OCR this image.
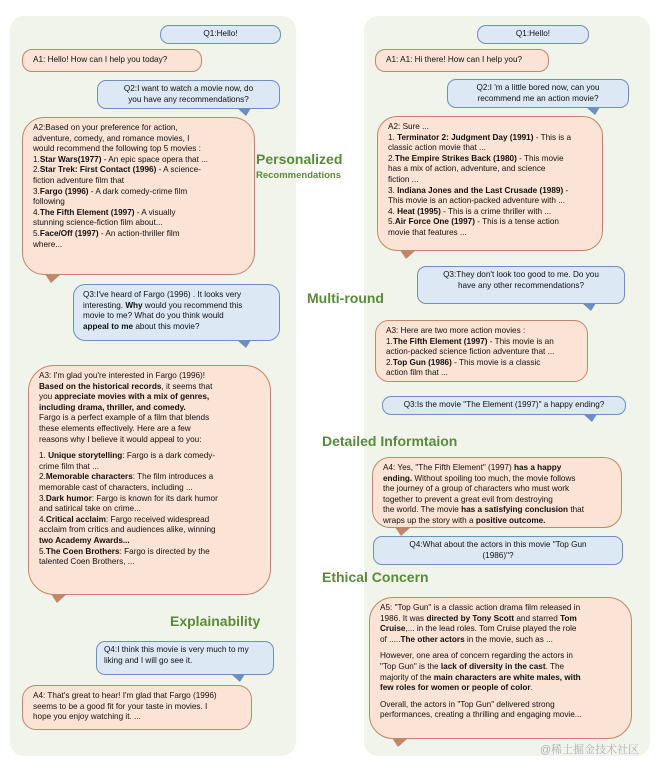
Q1:Hello!
A1: Hello! How can I help you today?
Q2:I want to watch a movie now, do
you have any recommendations?
A2:Based on your preference for action,
adventure, comedy, and romance movies, I
would recommend the following top 5 movies :
1.Star Wars(1977) - An epic space opera that ...
2.Star Trek: First Contact (1996) - A science-
fiction adventure film that
3.Fargo (1996) - A dark comedy-crime film
following
4.The Fifth Element (1997) - A visually
stunning science-fiction film about...
5.Face/Off (1997) - An action-thriller film
where...
Q3:I've heard of Fargo (1996) . It looks very
interesting. Why would you recommend this
movie to me? What do you think would
appeal to me about this movie?
A3: I'm glad you're interested in Fargo (1996)!
Based on the historical records, it seems that
you appreciate movies with a mix of genres,
including drama, thriller, and comedy.
Fargo is a perfect example of a film that blends
these elements effectively. Here are a few
reasons why I believe it would appeal to you:
1. Unique storytelling: Fargo is a dark comedy-
crime film that ...
2.Memorable characters: The film introduces a
memorable cast of characters, including ...
3.Dark humor: Fargo is known for its dark humor
and satirical take on crime...
4.Critical acclaim: Fargo received widespread
acclaim from critics and audiences alike, winning
two Academy Awards...
5.The Coen Brothers: Fargo is directed by the
talented Coen Brothers, ...
Q4:I think this movie is very much to my
liking and I will go see it.
A4: That's great to hear! I'm glad that Fargo (1996)
seems to be a good fit for your taste in movies. I
hope you enjoy watching it. ...
Q1:Hello!
A1: A1: Hi there! How can I help you?
Q2:I 'm a little bored now, can you
recommend me an action movie?
A2: Sure ...
1. Terminator 2: Judgment Day (1991) - This is a
classic action movie that ...
2.The Empire Strikes Back (1980) - This movie
has a mix of action, adventure, and science
fiction ...
3. Indiana Jones and the Last Crusade (1989) -
This movie is an action-packed adventure with ...
4. Heat (1995) - This is a crime thriller with ...
5.Air Force One (1997) - This is a tense action
movie that features ...
Q3:They don't look too good to me. Do you
have any other recommendations?
A3: Here are two more action movies :
1.The Fifth Element (1997) - This movie is an
action-packed science fiction adventure that ...
2.Top Gun (1986) - This movie is a classic
action film that ...
Q3:Is the movie "The Element (1997)" a happy ending?
A4: Yes, "The Fifth Element" (1997) has a happy
ending. Without spoiling too much, the movie follows
the journey of a group of characters who must work
together to prevent a great evil from destroying
the world. The movie has a satisfying conclusion that
wraps up the story with a positive outcome.
Q4:What about the actors in this movie "Top Gun
(1986)"?
A5: "Top Gun" is a classic action drama film released in
1986. It was directed by Tony Scott and starred Tom
Cruise,... in the lead roles. Tom Cruise played the role
of .....The other actors in the movie, such as ...
However, one area of concern regarding the actors in
"Top Gun" is the lack of diversity in the cast. The
majority of the main characters are white males, with
few roles for women or people of color.
Overall, the actors in "Top Gun" delivered strong
performances, creating a thrilling and engaging movie...
Personalized
Recommendations
Multi-round
Detailed Informtaion
Ethical Concern
Explainability
@稀土掘金技术社区
